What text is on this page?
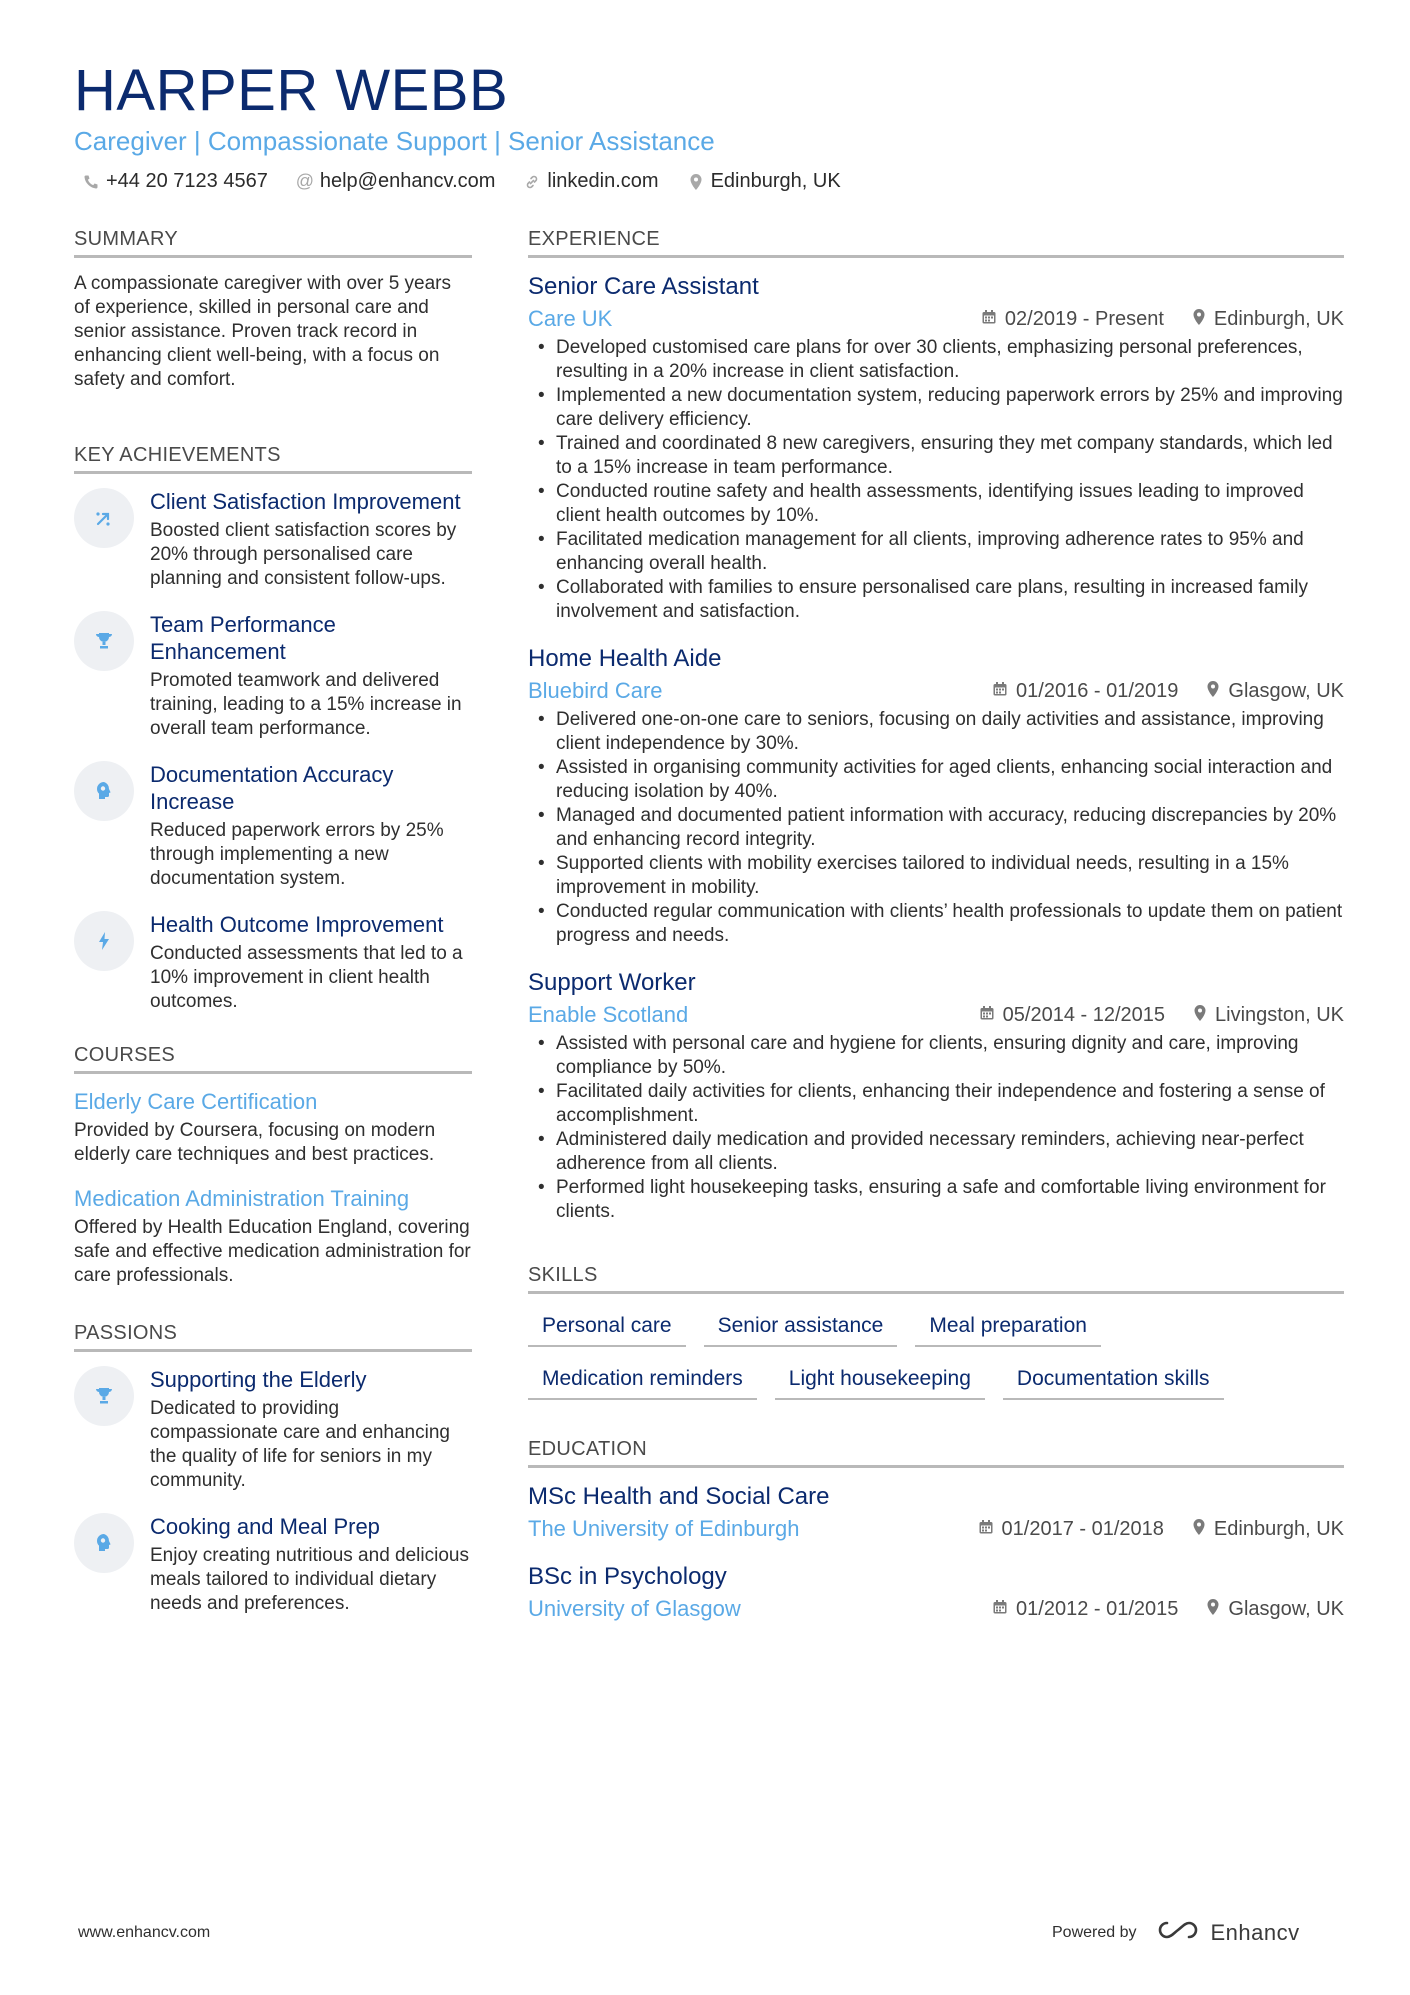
HARPER WEBB
Caregiver | Compassionate Support | Senior Assistance
+44 20 7123 4567 @ help@enhancv.com	linkedin.com	Edinburgh, UK
SUMMARY
A compassionate caregiver with over 5 years of experience, skilled in personal care and senior assistance. Proven track record in enhancing client well-being, with a focus on safety and comfort.
KEY ACHIEVEMENTS
Client Satisfaction Improvement
Boosted client satisfaction scores by 20% through personalised care planning and consistent follow-ups.
Team Performance Enhancement
Promoted teamwork and delivered training, leading to a 15% increase in overall team performance.
Documentation Accuracy Increase
Reduced paperwork errors by 25% through implementing a new documentation system.
Health Outcome Improvement
Conducted assessments that led to a 10% improvement in client health outcomes.
COURSES
Elderly Care Certification
Provided by Coursera, focusing on modern elderly care techniques and best practices.
Medication Administration Training
Offered by Health Education England, covering safe and effective medication administration for care professionals.
PASSIONS
Supporting the Elderly
Dedicated to providing compassionate care and enhancing the quality of life for seniors in my community.
Cooking and Meal Prep
Enjoy creating nutritious and delicious meals tailored to individual dietary needs and preferences.
EXPERIENCE
Senior Care Assistant
Care UK	02/2019 - Present	Edinburgh, UK
• Developed customised care plans for over 30 clients, emphasizing personal preferences, resulting in a 20% increase in client satisfaction.
• Implemented a new documentation system, reducing paperwork errors by 25% and improving care delivery efficiency.
• Trained and coordinated 8 new caregivers, ensuring they met company standards, which led to a 15% increase in team performance.
• Conducted routine safety and health assessments, identifying issues leading to improved client health outcomes by 10%.
• Facilitated medication management for all clients, improving adherence rates to 95% and enhancing overall health.
• Collaborated with families to ensure personalised care plans, resulting in increased family involvement and satisfaction.
Home Health Aide
Bluebird Care	01/2016 - 01/2019	Glasgow, UK
• Delivered one-on-one care to seniors, focusing on daily activities and assistance, improving client independence by 30%.
• Assisted in organising community activities for aged clients, enhancing social interaction and reducing isolation by 40%.
• Managed and documented patient information with accuracy, reducing discrepancies by 20% and enhancing record integrity.
• Supported clients with mobility exercises tailored to individual needs, resulting in a 15% improvement in mobility.
• Conducted regular communication with clients’ health professionals to update them on patient progress and needs.
Support Worker
Enable Scotland	05/2014 - 12/2015	Livingston, UK
• Assisted with personal care and hygiene for clients, ensuring dignity and care, improving compliance by 50%.
• Facilitated daily activities for clients, enhancing their independence and fostering a sense of accomplishment.
• Administered daily medication and provided necessary reminders, achieving near-perfect adherence from all clients.
• Performed light housekeeping tasks, ensuring a safe and comfortable living environment for clients.
SKILLS
Personal care	Senior assistance	Meal preparation
Medication reminders	Light housekeeping	Documentation skills
EDUCATION
MSc Health and Social Care
The University of Edinburgh	01/2017 - 01/2018	Edinburgh, UK
BSc in Psychology
University of Glasgow	01/2012 - 01/2015	Glasgow, UK
www.enhancv.com	Powered by	Enhancv
